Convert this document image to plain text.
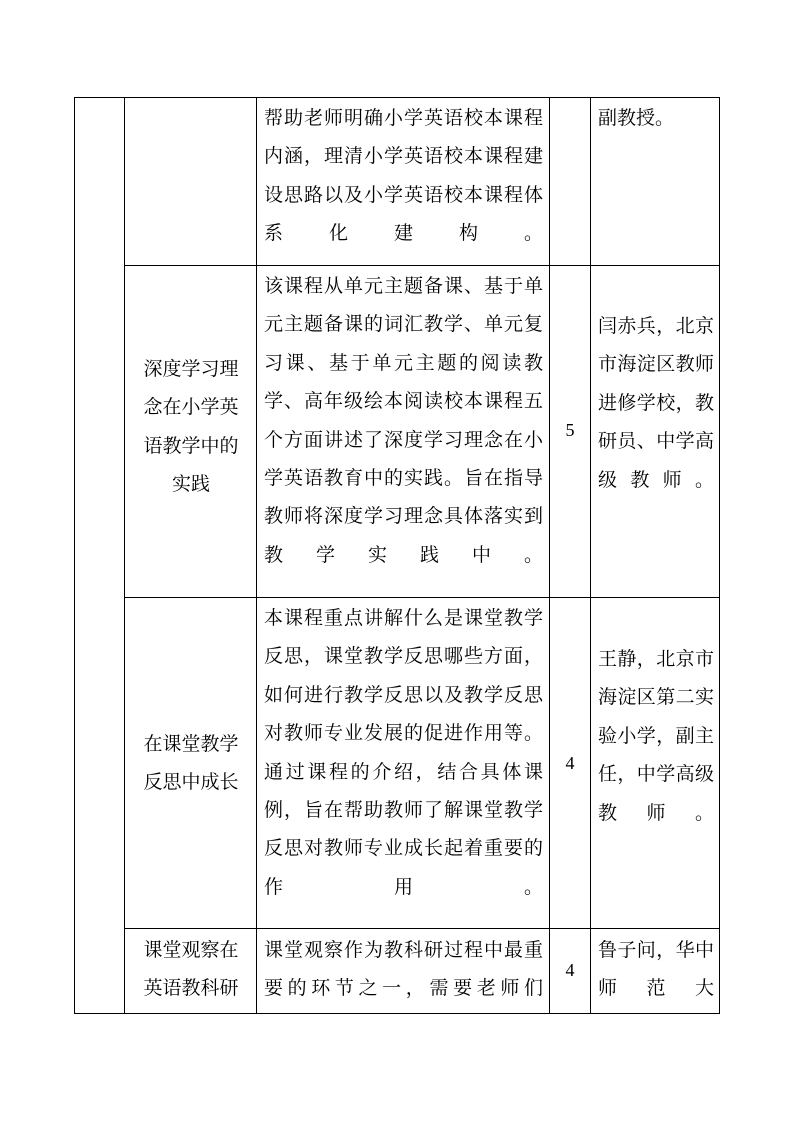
帮助老师明确小学英语校本课程内涵，理清小学英语校本课程建设思路以及小学英语校本课程体系化建构。
副教授。
深度学习理念在小学英语教学中的实践
该课程从单元主题备课、基于单元主题备课的词汇教学、单元复习课、基于单元主题的阅读教学、高年级绘本阅读校本课程五个方面讲述了深度学习理念在小学英语教育中的实践。旨在指导教师将深度学习理念具体落实到教学实践中。
5
闫赤兵，北京市海淀区教师进修学校，教研员、中学高级教师。
在课堂教学反思中成长
本课程重点讲解什么是课堂教学反思，课堂教学反思哪些方面，如何进行教学反思以及教学反思对教师专业发展的促进作用等。通过课程的介绍，结合具体课例，旨在帮助教师了解课堂教学反思对教师专业成长起着重要的作用。
4
王静，北京市海淀区第二实验小学，副主任，中学高级教师。
课堂观察在英语教科研
课堂观察作为教科研过程中最重要的环节之一，需要老师们
4
鲁子问，华中师范大
